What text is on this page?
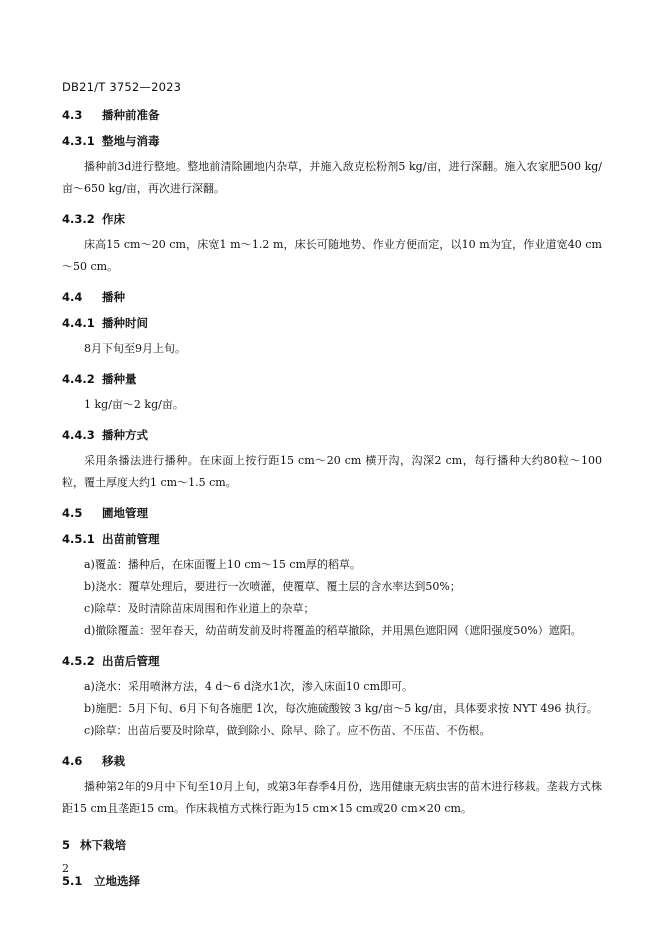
DB21/T 3752—2023
4.3 播种前准备
4.3.1 整地与消毒

播种前3d进行整地。整地前清除圃地内杂草，并施入敌克松粉剂5 kg/亩，进行深翻。施入农家肥500 kg/亩～650 kg/亩，再次进行深翻。

4.3.2 作床

床高15 cm～20 cm，床宽1 m～1.2 m，床长可随地势、作业方便而定，以10 m为宜，作业道宽40 cm～50 cm。

4.4 播种
4.4.1 播种时间

8月下旬至9月上旬。

4.4.2 播种量

1 kg/亩～2 kg/亩。

4.4.3 播种方式

采用条播法进行播种。在床面上按行距15 cm～20 cm 横开沟，沟深2 cm，每行播种大约80粒～100粒，覆土厚度大约1 cm～1.5 cm。

4.5 圃地管理
4.5.1 出苗前管理

a)覆盖：播种后，在床面覆上10 cm～15 cm厚的稻草。

b)浇水：覆草处理后，要进行一次喷灌，使覆草、覆土层的含水率达到50%；

c)除草：及时清除苗床周围和作业道上的杂草；

d)撤除覆盖：翌年春天，幼苗萌发前及时将覆盖的稻草撤除，并用黑色遮阳网（遮阳强度50%）遮阳。

4.5.2 出苗后管理

a)浇水：采用喷淋方法，4 d～6 d浇水1次，渗入床面10 cm即可。

b)施肥：5月下旬、6月下旬各施肥 1次，每次施硫酸铵 3 kg/亩～5 kg/亩，具体要求按 NYT 496 执行。

c)除草：出苗后要及时除草，做到除小、除早、除了。应不伤苗、不压苗、不伤根。

4.6 移栽

播种第2年的9月中下旬至10月上旬，或第3年春季4月份，选用健康无病虫害的苗木进行移栽。垄栽方式株距15 cm且垄距15 cm。作床栽植方式株行距为15 cm×15 cm或20 cm×20 cm。

5 林下栽培
5.1 立地选择
2
